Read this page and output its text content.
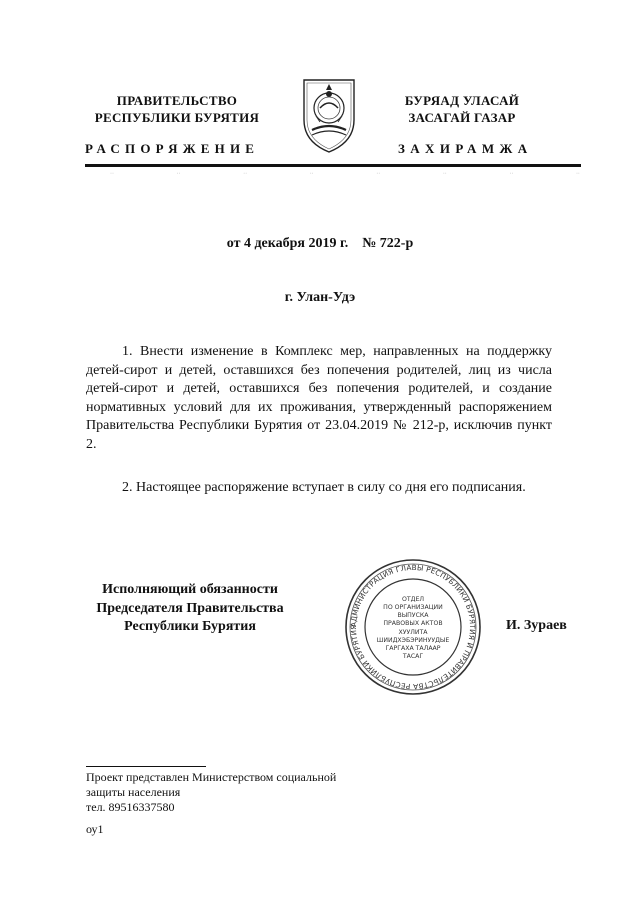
ПРАВИТЕЛЬСТВО
РЕСПУБЛИКИ БУРЯТИЯ
РАСПОРЯЖЕНИЕ
БУРЯАД УЛАСАЙ
ЗАСАГАЙ ГАЗАР
ЗАХИРАМЖА
··	··	··	··	··	··	··	··
от 4 декабря 2019 г.    № 722-р
г. Улан-Удэ

1. Внести изменение в Комплекс мер, направленных на поддержку детей-сирот и детей, оставшихся без попечения родителей, лиц из числа детей-сирот и детей, оставшихся без попечения родителей, и создание нормативных условий для их проживания, утвержденный распоряжением Правительства Республики Бурятия от 23.04.2019 № 212-р, исключив пункт 2.

2. Настоящее распоряжение вступает в силу со дня его подписания.

Исполняющий обязанности
Председателя Правительства
Республики Бурятия	АДМИНИСТРАЦИЯ ГЛАВЫ РЕСПУБЛИКИ БУРЯТИЯ И ПРАВИТЕЛЬСТВА РЕСПУБЛИКИ БУРЯТИЯ
ОТДЕЛ
ПО ОРГАНИЗАЦИИ
ВЫПУСКА
ПРАВОВЫХ АКТОВ
ХУУЛИТА
ШИИДХЭБЭРИНУУДЫЕ
ГАРГАХА ТАЛААР
ТАСАГ
И. Зураев
Проект представлен Министерством социальной
защиты населения
тел. 89516337580
оу1
